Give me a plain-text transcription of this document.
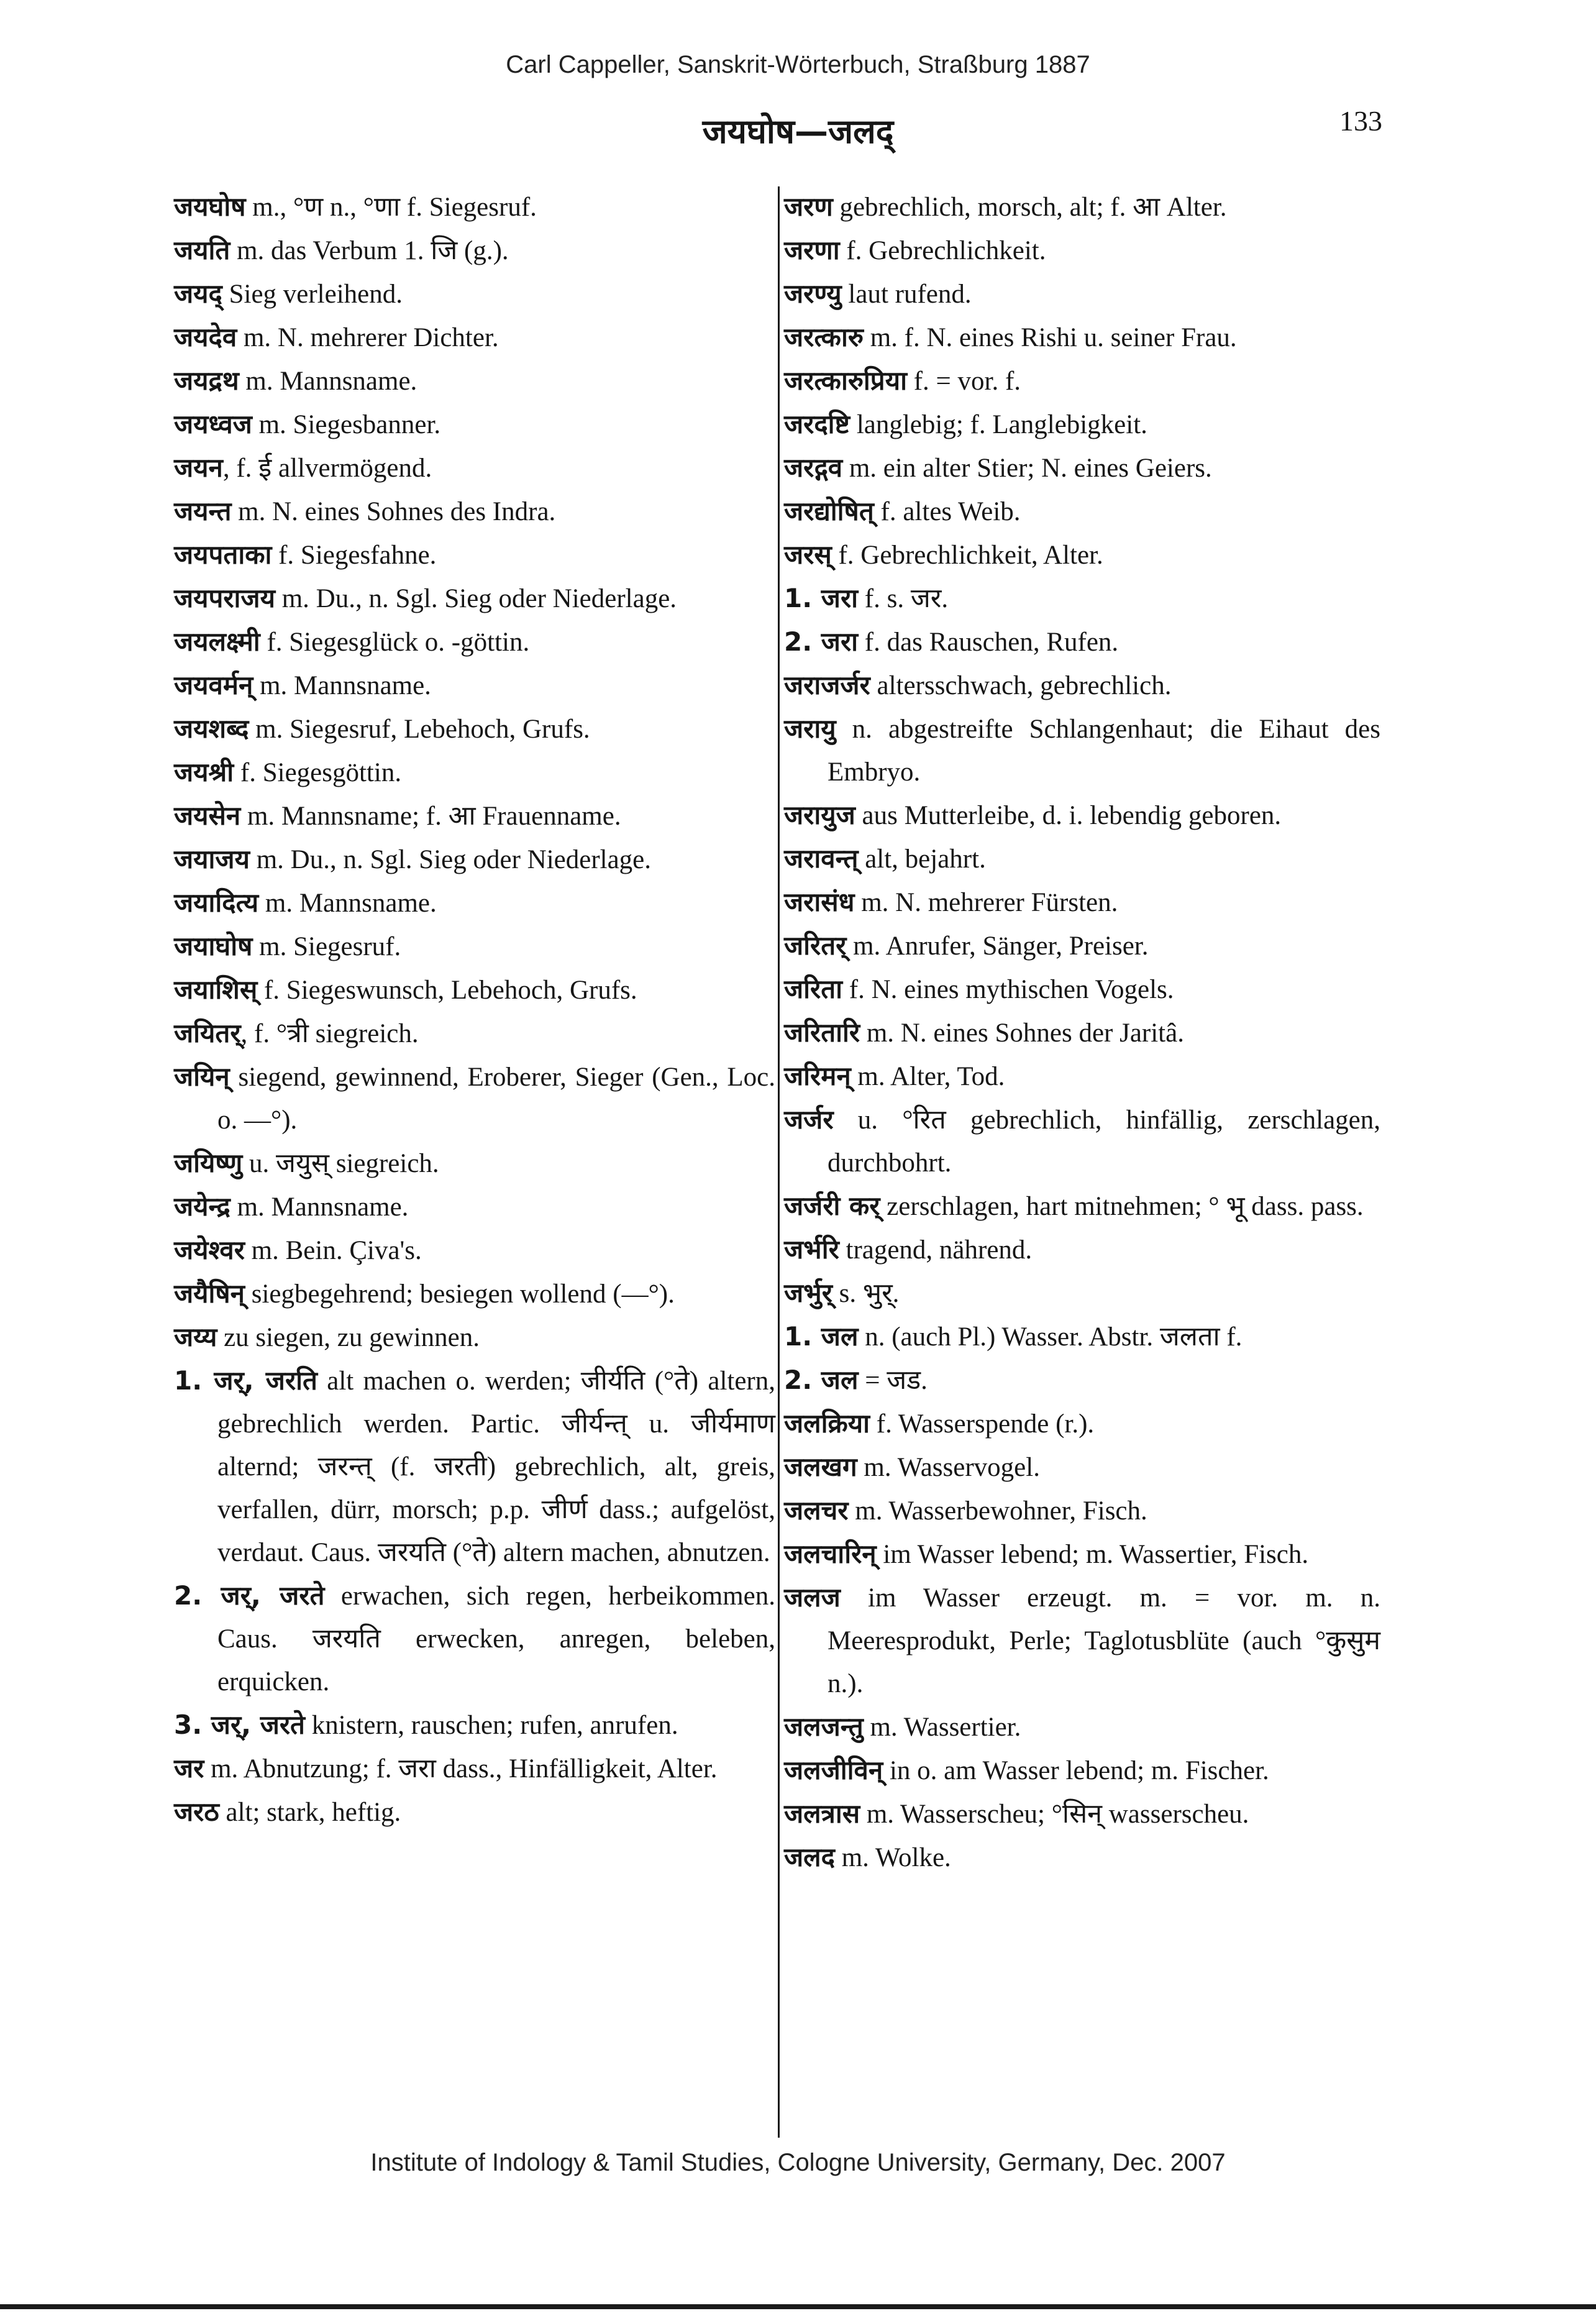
Carl Cappeller, Sanskrit-Wörterbuch, Straßburg 1887
जयघोष—जलद्	133

जयघोष m., °ण n., °णा f. Siegesruf.

जयति m. das Verbum 1. जि (g.).

जयद् Sieg verleihend.

जयदेव m. N. mehrerer Dichter.

जयद्रथ m. Mannsname.

जयध्वज m. Siegesbanner.

जयन, f. ई allvermögend.

जयन्त m. N. eines Sohnes des Indra.

जयपताका f. Siegesfahne.

जयपराजय m. Du., n. Sgl. Sieg oder Niederlage.

जयलक्ष्मी f. Siegesglück o. -göttin.

जयवर्मन् m. Mannsname.

जयशब्द m. Siegesruf, Lebehoch, Grufs.

जयश्री f. Siegesgöttin.

जयसेन m. Mannsname; f. आ Frauenname.

जयाजय m. Du., n. Sgl. Sieg oder Niederlage.

जयादित्य m. Mannsname.

जयाघोष m. Siegesruf.

जयाशिस् f. Siegeswunsch, Lebehoch, Grufs.

जयितर्, f. °त्री siegreich.

जयिन् siegend, gewinnend, Eroberer, Sieger (Gen., Loc. o. —°).

जयिष्णु u. जयुस् siegreich.

जयेन्द्र m. Mannsname.

जयेश्वर m. Bein. Çiva's.

जयैषिन् siegbegehrend; besiegen wollend (—°).

जय्य zu siegen, zu gewinnen.

1. जर्, जरति alt machen o. werden; जीर्यति (°ते) altern, gebrechlich werden. Partic. जीर्यन्त् u. जीर्यमाण alternd; जरन्त् (f. जरती) gebrechlich, alt, greis, verfallen, dürr, morsch; p.p. जीर्ण dass.; aufgelöst, verdaut. Caus. जरयति (°ते) altern machen, abnutzen.

2. जर्, जरते erwachen, sich regen, herbeikommen. Caus. जरयति erwecken, anregen, beleben, erquicken.

3. जर्, जरते knistern, rauschen; rufen, anrufen.

जर m. Abnutzung; f. जरा dass., Hinfälligkeit, Alter.

जरठ alt; stark, heftig.

जरण gebrechlich, morsch, alt; f. आ Alter.

जरणा f. Gebrechlichkeit.

जरण्यु laut rufend.

जरत्कारु m. f. N. eines Rishi u. seiner Frau.

जरत्कारुप्रिया f. = vor. f.

जरदष्टि langlebig; f. Langlebigkeit.

जरद्गव m. ein alter Stier; N. eines Geiers.

जरद्योषित् f. altes Weib.

जरस् f. Gebrechlichkeit, Alter.

1. जरा f. s. जर.

2. जरा f. das Rauschen, Rufen.

जराजर्जर altersschwach, gebrechlich.

जरायु n. abgestreifte Schlangenhaut; die Eihaut des Embryo.

जरायुज aus Mutterleibe, d. i. lebendig geboren.

जरावन्त् alt, bejahrt.

जरासंध m. N. mehrerer Fürsten.

जरितर् m. Anrufer, Sänger, Preiser.

जरिता f. N. eines mythischen Vogels.

जरितारि m. N. eines Sohnes der Jaritâ.

जरिमन् m. Alter, Tod.

जर्जर u. °रित gebrechlich, hinfällig, zerschlagen, durchbohrt.

जर्जरी कर् zerschlagen, hart mitnehmen; ° भू dass. pass.

जर्भरि tragend, nährend.

जर्भुर् s. भुर्.

1. जल n. (auch Pl.) Wasser. Abstr. जलता f.

2. जल = जड.

जलक्रिया f. Wasserspende (r.).

जलखग m. Wasservogel.

जलचर m. Wasserbewohner, Fisch.

जलचारिन् im Wasser lebend; m. Wassertier, Fisch.

जलज im Wasser erzeugt. m. = vor. m. n. Meeresprodukt, Perle; Taglotusblüte (auch °कुसुम n.).

जलजन्तु m. Wassertier.

जलजीविन् in o. am Wasser lebend; m. Fischer.

जलत्रास m. Wasserscheu; °सिन् wasserscheu.

जलद m. Wolke.

Institute of Indology & Tamil Studies, Cologne University, Germany, Dec. 2007
